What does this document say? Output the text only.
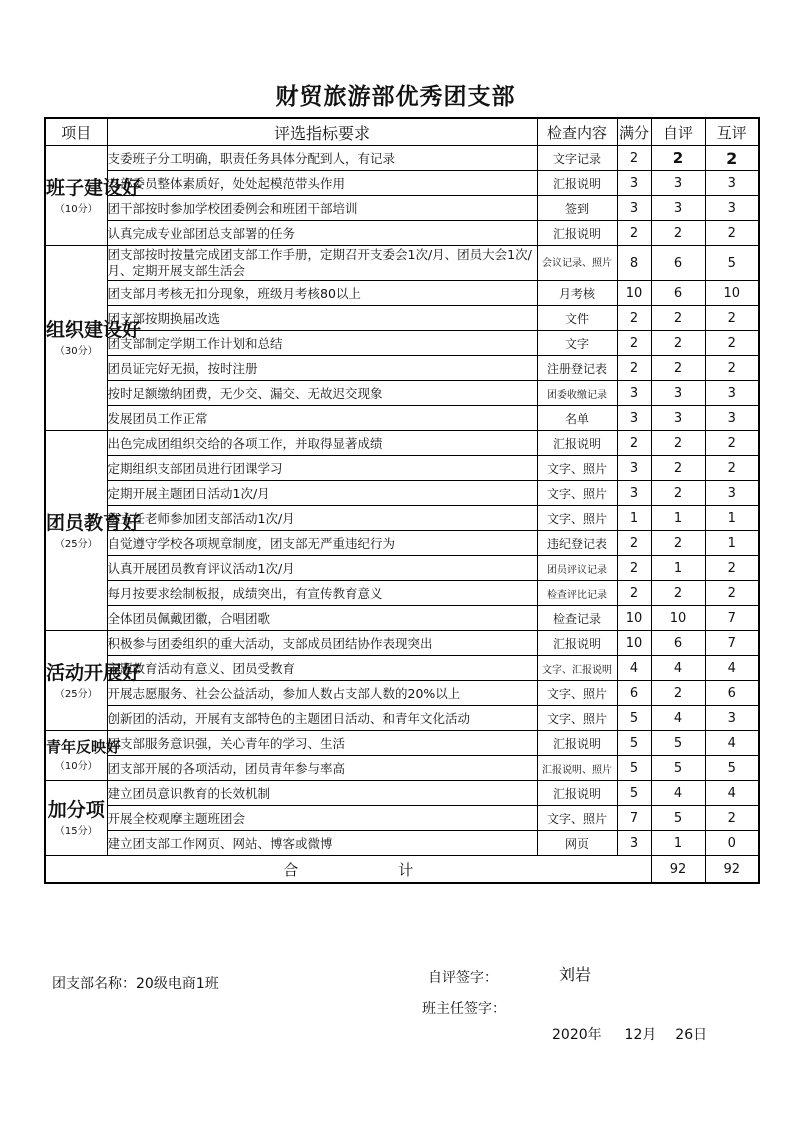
财贸旅游部优秀团支部
项目	评选指标要求	检查内容	满分	自评	互评

班子建设好
（10分）	支委班子分工明确，职责任务具体分配到人，有记录	文字记录	2	2	2
	支部委员整体素质好，处处起模范带头作用	汇报说明	3	3	3
	团干部按时参加学校团委例会和班团干部培训	签到	3	3	3
	认真完成专业部团总支部署的任务	汇报说明	2	2	2

组织建设好
（30分）	团支部按时按量完成团支部工作手册，定期召开支委会1次/月、团员大会1次/月、定期开展支部生活会	会议记录、照片	8	6	5
	团支部月考核无扣分现象，班级月考核80以上	月考核	10	6	10
	团支部按期换届改选	文件	2	2	2
	团支部制定学期工作计划和总结	文字	2	2	2
	团员证完好无损，按时注册	注册登记表	2	2	2
	按时足额缴纳团费，无少交、漏交、无故迟交现象	团委收缴记录	3	3	3
	发展团员工作正常	名单	3	3	3

团员教育好
（25分）	出色完成团组织交给的各项工作，并取得显著成绩	汇报说明	2	2	2
	定期组织支部团员进行团课学习	文字、照片	3	2	2
	定期开展主题团日活动1次/月	文字、照片	3	2	3
	班主任老师参加团支部活动1次/月	文字、照片	1	1	1
	自觉遵守学校各项规章制度，团支部无严重违纪行为	违纪登记表	2	2	1
	认真开展团员教育评议活动1次/月	团员评议记录	2	1	2
	每月按要求绘制板报，成绩突出，有宣传教育意义	检查评比记录	2	2	2
	全体团员佩戴团徽，合唱团歌	检查记录	10	10	7

活动开展好
（25分）	积极参与团委组织的重大活动，支部成员团结协作表现突出	汇报说明	10	6	7
	主题教育活动有意义、团员受教育	文字、汇报说明	4	4	4
	开展志愿服务、社会公益活动，参加人数占支部人数的20%以上	文字、照片	6	2	6
	创新团的活动，开展有支部特色的主题团日活动、和青年文化活动	文字、照片	5	4	3

青年反映好
（10分）	团支部服务意识强，关心青年的学习、生活	汇报说明	5	5	4
	团支部开展的各项活动，团员青年参与率高	汇报说明、照片	5	5	5

加分项
（15分）	建立团员意识教育的长效机制	汇报说明	5	4	4
	开展全校观摩主题班团会	文字、照片	7	5	2
	建立团支部工作网页、网站、博客或微博	网页	3	1	0
合 计				92	92
团支部名称：20级电商1班	自评签字：	刘岩
班主任签字：
2020年 12月 26日
